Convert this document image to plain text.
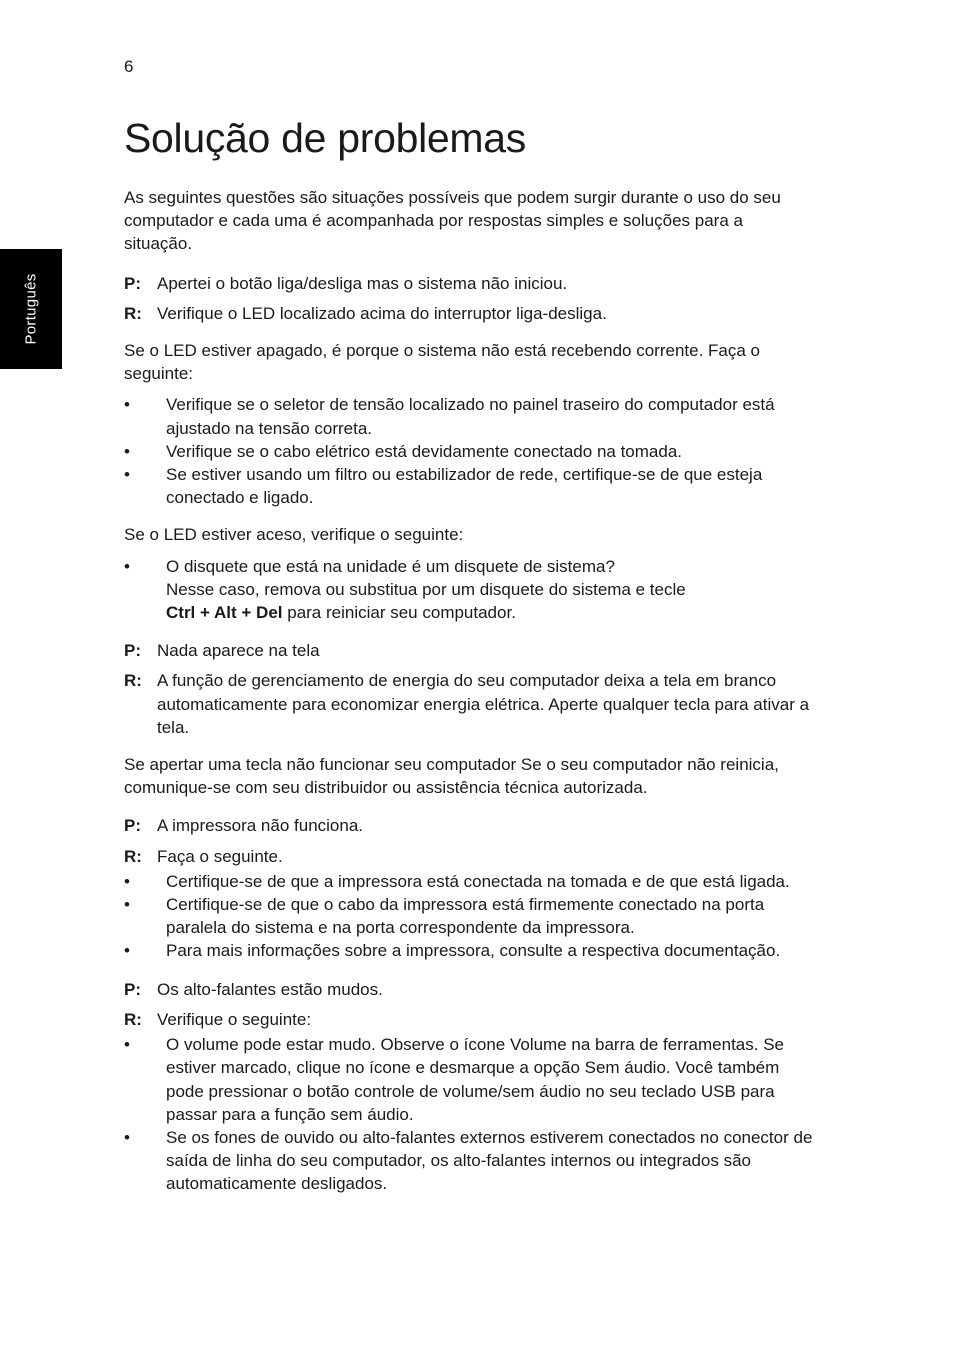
6
Português
Solução de problemas

As seguintes questões são situações possíveis que podem surgir durante o uso do seu computador e cada uma é acompanhada por respostas simples e soluções para a situação.

P: Apertei o botão liga/desliga mas o sistema não iniciou.
R: Verifique o LED localizado acima do interruptor liga-desliga.

Se o LED estiver apagado, é porque o sistema não está recebendo corrente. Faça o seguinte:

• Verifique se o seletor de tensão localizado no painel traseiro do computador está ajustado na tensão correta.
• Verifique se o cabo elétrico está devidamente conectado na tomada.
• Se estiver usando um filtro ou estabilizador de rede, certifique-se de que esteja conectado e ligado.

Se o LED estiver aceso, verifique o seguinte:

• O disquete que está na unidade é um disquete de sistema?
Nesse caso, remova ou substitua por um disquete do sistema e tecle
Ctrl + Alt + Del para reiniciar seu computador.
P: Nada aparece na tela
R: A função de gerenciamento de energia do seu computador deixa a tela em branco automaticamente para economizar energia elétrica. Aperte qualquer tecla para ativar a tela.

Se apertar uma tecla não funcionar seu computador Se o seu computador não reinicia, comunique-se com seu distribuidor ou assistência técnica autorizada.

P: A impressora não funciona.
R: Faça o seguinte.
• Certifique-se de que a impressora está conectada na tomada e de que está ligada.
• Certifique-se de que o cabo da impressora está firmemente conectado na porta paralela do sistema e na porta correspondente da impressora.
• Para mais informações sobre a impressora, consulte a respectiva documentação.
P: Os alto-falantes estão mudos.
R: Verifique o seguinte:
• O volume pode estar mudo. Observe o ícone Volume na barra de ferramentas. Se estiver marcado, clique no ícone e desmarque a opção Sem áudio. Você também pode pressionar o botão controle de volume/sem áudio no seu teclado USB para passar para a função sem áudio.
• Se os fones de ouvido ou alto-falantes externos estiverem conectados no conector de saída de linha do seu computador, os alto-falantes internos ou integrados são automaticamente desligados.
